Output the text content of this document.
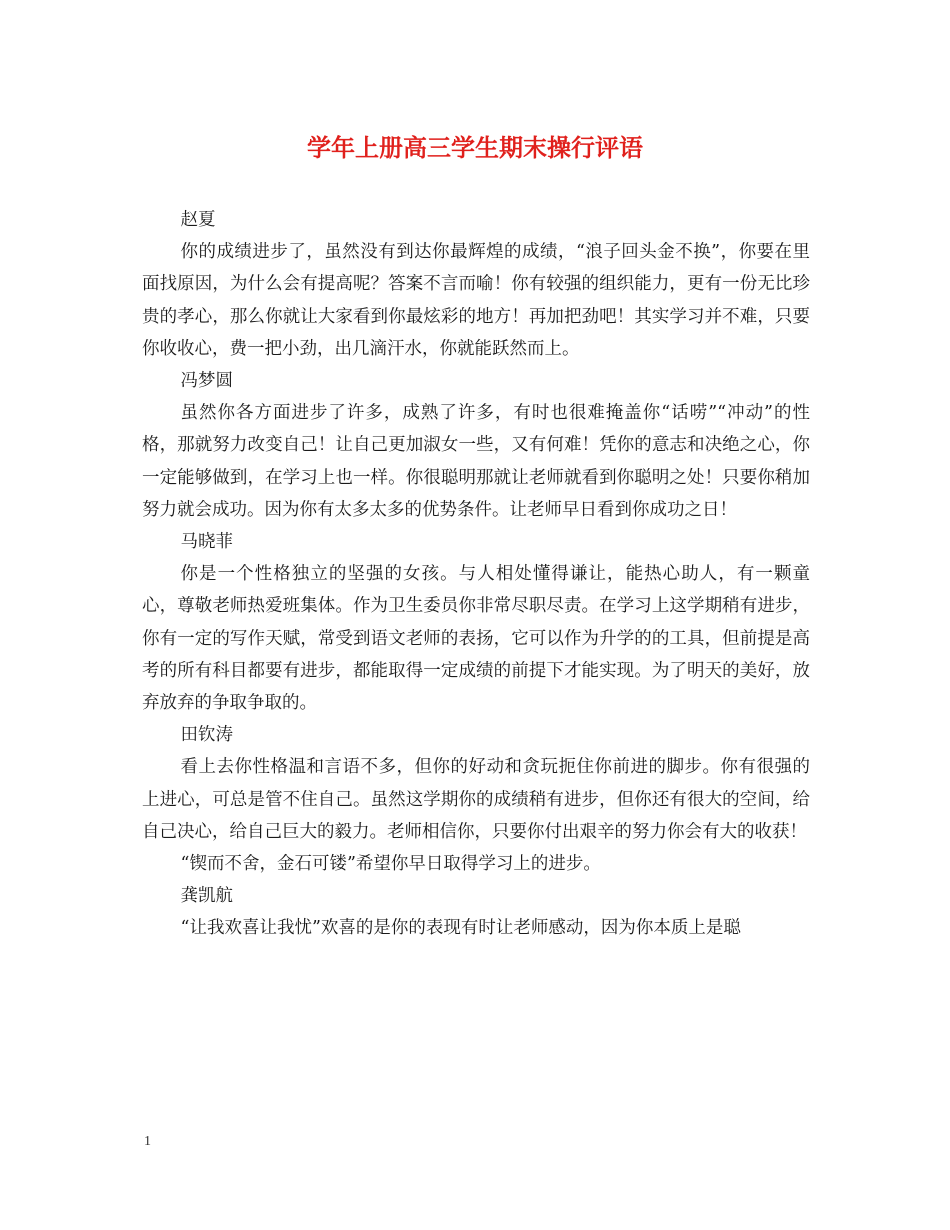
学年上册高三学生期末操行评语

赵夏

你的成绩进步了，虽然没有到达你最辉煌的成绩，“浪子回头金不换”，你要在里面找原因，为什么会有提高呢？答案不言而喻！你有较强的组织能力，更有一份无比珍贵的孝心，那么你就让大家看到你最炫彩的地方！再加把劲吧！其实学习并不难，只要你收收心，费一把小劲，出几滴汗水，你就能跃然而上。

冯梦圆

虽然你各方面进步了许多，成熟了许多，有时也很难掩盖你“话唠”“冲动”的性格，那就努力改变自己！让自己更加淑女一些，又有何难！凭你的意志和决绝之心，你一定能够做到，在学习上也一样。你很聪明那就让老师就看到你聪明之处！只要你稍加努力就会成功。因为你有太多太多的优势条件。让老师早日看到你成功之日！

马晓菲

你是一个性格独立的坚强的女孩。与人相处懂得谦让，能热心助人，有一颗童心，尊敬老师热爱班集体。作为卫生委员你非常尽职尽责。在学习上这学期稍有进步，你有一定的写作天赋，常受到语文老师的表扬，它可以作为升学的的工具，但前提是高考的所有科目都要有进步，都能取得一定成绩的前提下才能实现。为了明天的美好，放弃放弃的争取争取的。

田钦涛

看上去你性格温和言语不多，但你的好动和贪玩扼住你前进的脚步。你有很强的上进心，可总是管不住自己。虽然这学期你的成绩稍有进步，但你还有很大的空间，给自己决心，给自己巨大的毅力。老师相信你，只要你付出艰辛的努力你会有大的收获！

“锲而不舍，金石可镂”希望你早日取得学习上的进步。

龚凯航

“让我欢喜让我忧”欢喜的是你的表现有时让老师感动，因为你本质上是聪

1
